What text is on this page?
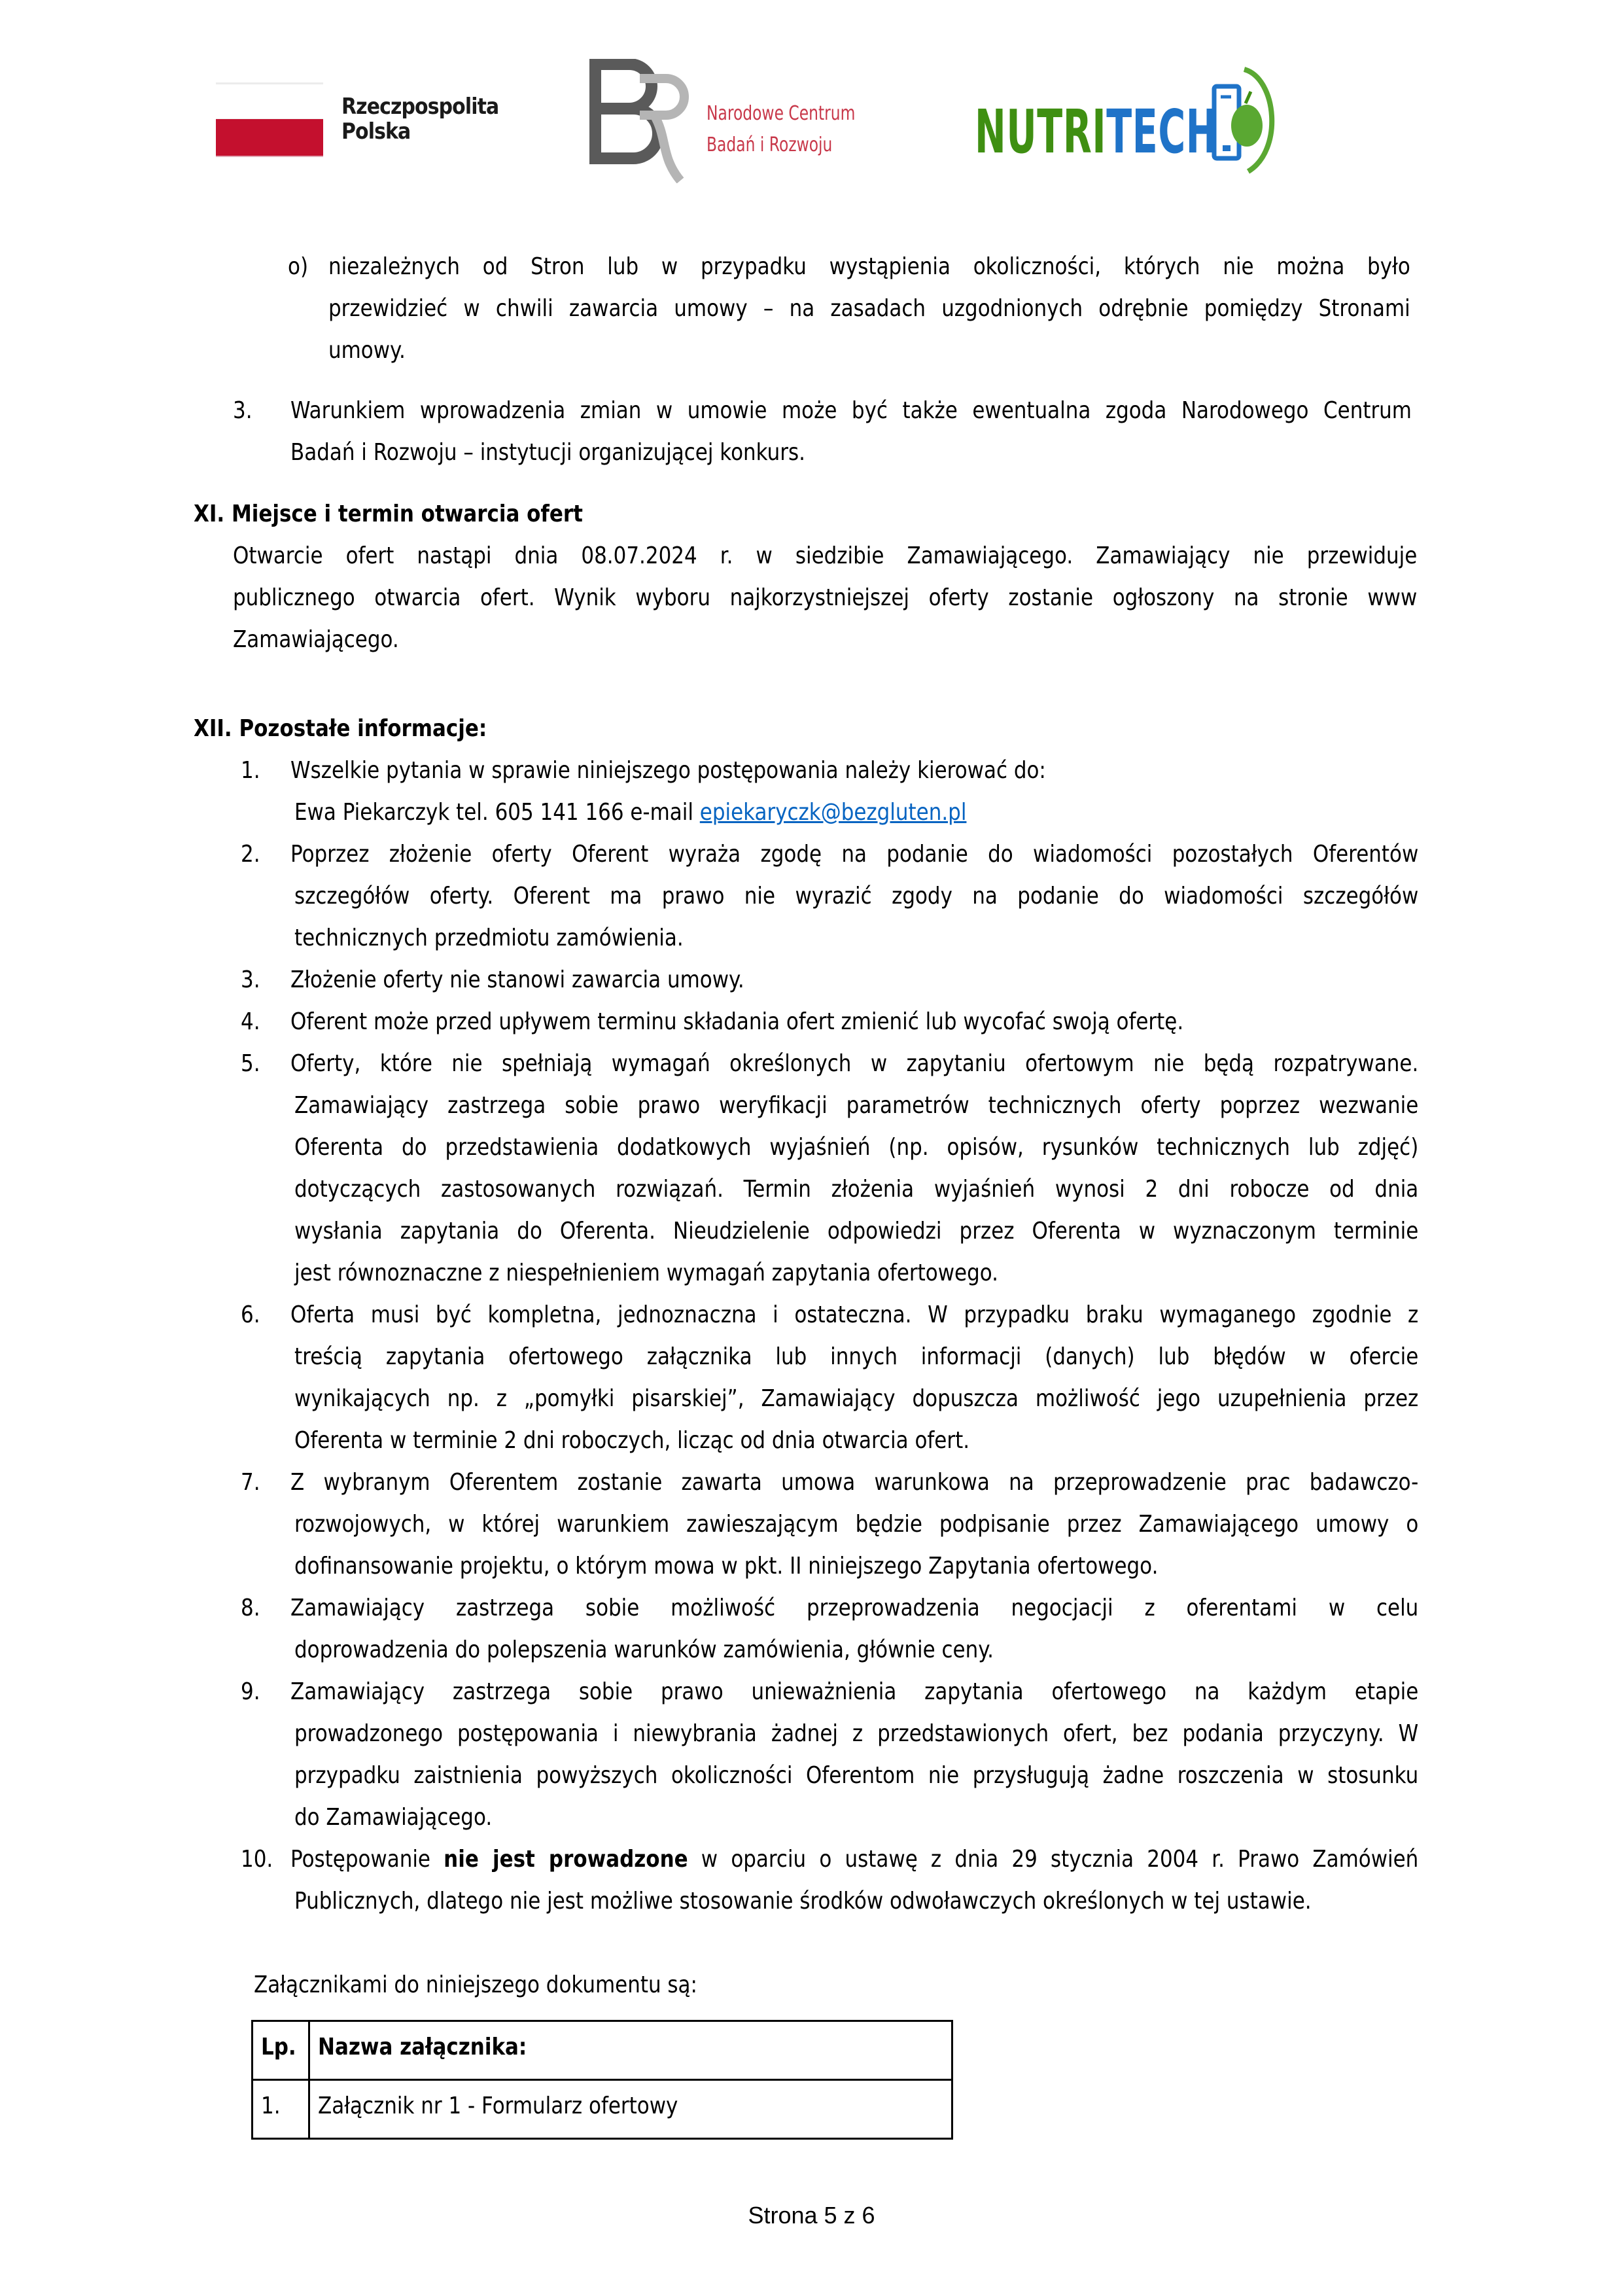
Rzeczpospolita
Polska
Narodowe Centrum
Badań i Rozwoju	NUTRITECH
o) niezależnych od Stron lub w przypadku wystąpienia okoliczności, których nie można było
przewidzieć w chwili zawarcia umowy – na zasadach uzgodnionych odrębnie pomiędzy Stronami
umowy.
3. Warunkiem wprowadzenia zmian w umowie może być także ewentualna zgoda Narodowego Centrum
Badań i Rozwoju – instytucji organizującej konkurs.
XI. Miejsce i termin otwarcia ofert
Otwarcie ofert nastąpi dnia 08.07.2024 r. w siedzibie Zamawiającego. Zamawiający nie przewiduje
publicznego otwarcia ofert. Wynik wyboru najkorzystniejszej oferty zostanie ogłoszony na stronie www
Zamawiającego.
XII. Pozostałe informacje:
1. Wszelkie pytania w sprawie niniejszego postępowania należy kierować do:
Ewa Piekarczyk tel. 605 141 166 e-mail epiekaryczk@bezgluten.pl
2. Poprzez złożenie oferty Oferent wyraża zgodę na podanie do wiadomości pozostałych Oferentów
szczegółów oferty. Oferent ma prawo nie wyrazić zgody na podanie do wiadomości szczegółów
technicznych przedmiotu zamówienia.
3. Złożenie oferty nie stanowi zawarcia umowy.
4. Oferent może przed upływem terminu składania ofert zmienić lub wycofać swoją ofertę.
5. Oferty, które nie spełniają wymagań określonych w zapytaniu ofertowym nie będą rozpatrywane.
Zamawiający zastrzega sobie prawo weryfikacji parametrów technicznych oferty poprzez wezwanie
Oferenta do przedstawienia dodatkowych wyjaśnień (np. opisów, rysunków technicznych lub zdjęć)
dotyczących zastosowanych rozwiązań. Termin złożenia wyjaśnień wynosi 2 dni robocze od dnia
wysłania zapytania do Oferenta. Nieudzielenie odpowiedzi przez Oferenta w wyznaczonym terminie
jest równoznaczne z niespełnieniem wymagań zapytania ofertowego.
6. Oferta musi być kompletna, jednoznaczna i ostateczna. W przypadku braku wymaganego zgodnie z
treścią zapytania ofertowego załącznika lub innych informacji (danych) lub błędów w ofercie
wynikających np. z „pomyłki pisarskiej”, Zamawiający dopuszcza możliwość jego uzupełnienia przez
Oferenta w terminie 2 dni roboczych, licząc od dnia otwarcia ofert.
7. Z wybranym Oferentem zostanie zawarta umowa warunkowa na przeprowadzenie prac badawczo-
rozwojowych, w której warunkiem zawieszającym będzie podpisanie przez Zamawiającego umowy o
dofinansowanie projektu, o którym mowa w pkt. II niniejszego Zapytania ofertowego.
8. Zamawiający zastrzega sobie możliwość przeprowadzenia negocjacji z oferentami w celu
doprowadzenia do polepszenia warunków zamówienia, głównie ceny.
9. Zamawiający zastrzega sobie prawo unieważnienia zapytania ofertowego na każdym etapie
prowadzonego postępowania i niewybrania żadnej z przedstawionych ofert, bez podania przyczyny. W
przypadku zaistnienia powyższych okoliczności Oferentom nie przysługują żadne roszczenia w stosunku
do Zamawiającego.
10. Postępowanie nie jest prowadzone w oparciu o ustawę z dnia 29 stycznia 2004 r. Prawo Zamówień
Publicznych, dlatego nie jest możliwe stosowanie środków odwoławczych określonych w tej ustawie.
Załącznikami do niniejszego dokumentu są:
Lp.	Nazwa załącznika:

1.	Załącznik nr 1 - Formularz ofertowy
Strona 5 z 6
